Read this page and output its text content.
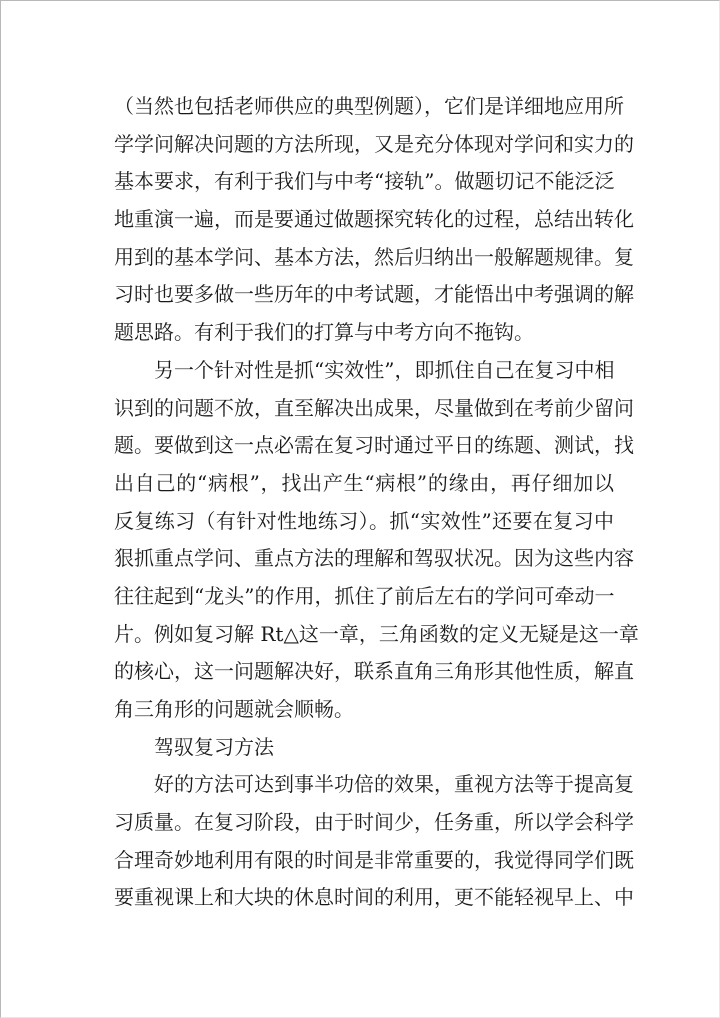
（当然也包括老师供应的典型例题），它们是详细地应用所
学学问解决问题的方法所现，又是充分体现对学问和实力的
基本要求，有利于我们与中考“接轨”。做题切记不能泛泛
地重演一遍，而是要通过做题探究转化的过程，总结出转化
用到的基本学问、基本方法，然后归纳出一般解题规律。复
习时也要多做一些历年的中考试题，才能悟出中考强调的解
题思路。有利于我们的打算与中考方向不拖钩。
另一个针对性是抓“实效性”，即抓住自己在复习中相
识到的问题不放，直至解决出成果，尽量做到在考前少留问
题。要做到这一点必需在复习时通过平日的练题、测试，找
出自己的“病根”，找出产生“病根”的缘由，再仔细加以
反复练习（有针对性地练习）。抓“实效性”还要在复习中
狠抓重点学问、重点方法的理解和驾驭状况。因为这些内容
往往起到“龙头”的作用，抓住了前后左右的学问可牵动一
片。例如复习解 Rt△这一章，三角函数的定义无疑是这一章
的核心，这一问题解决好，联系直角三角形其他性质，解直
角三角形的问题就会顺畅。
驾驭复习方法
好的方法可达到事半功倍的效果，重视方法等于提高复
习质量。在复习阶段，由于时间少，任务重，所以学会科学
合理奇妙地利用有限的时间是非常重要的，我觉得同学们既
要重视课上和大块的休息时间的利用，更不能轻视早上、中
